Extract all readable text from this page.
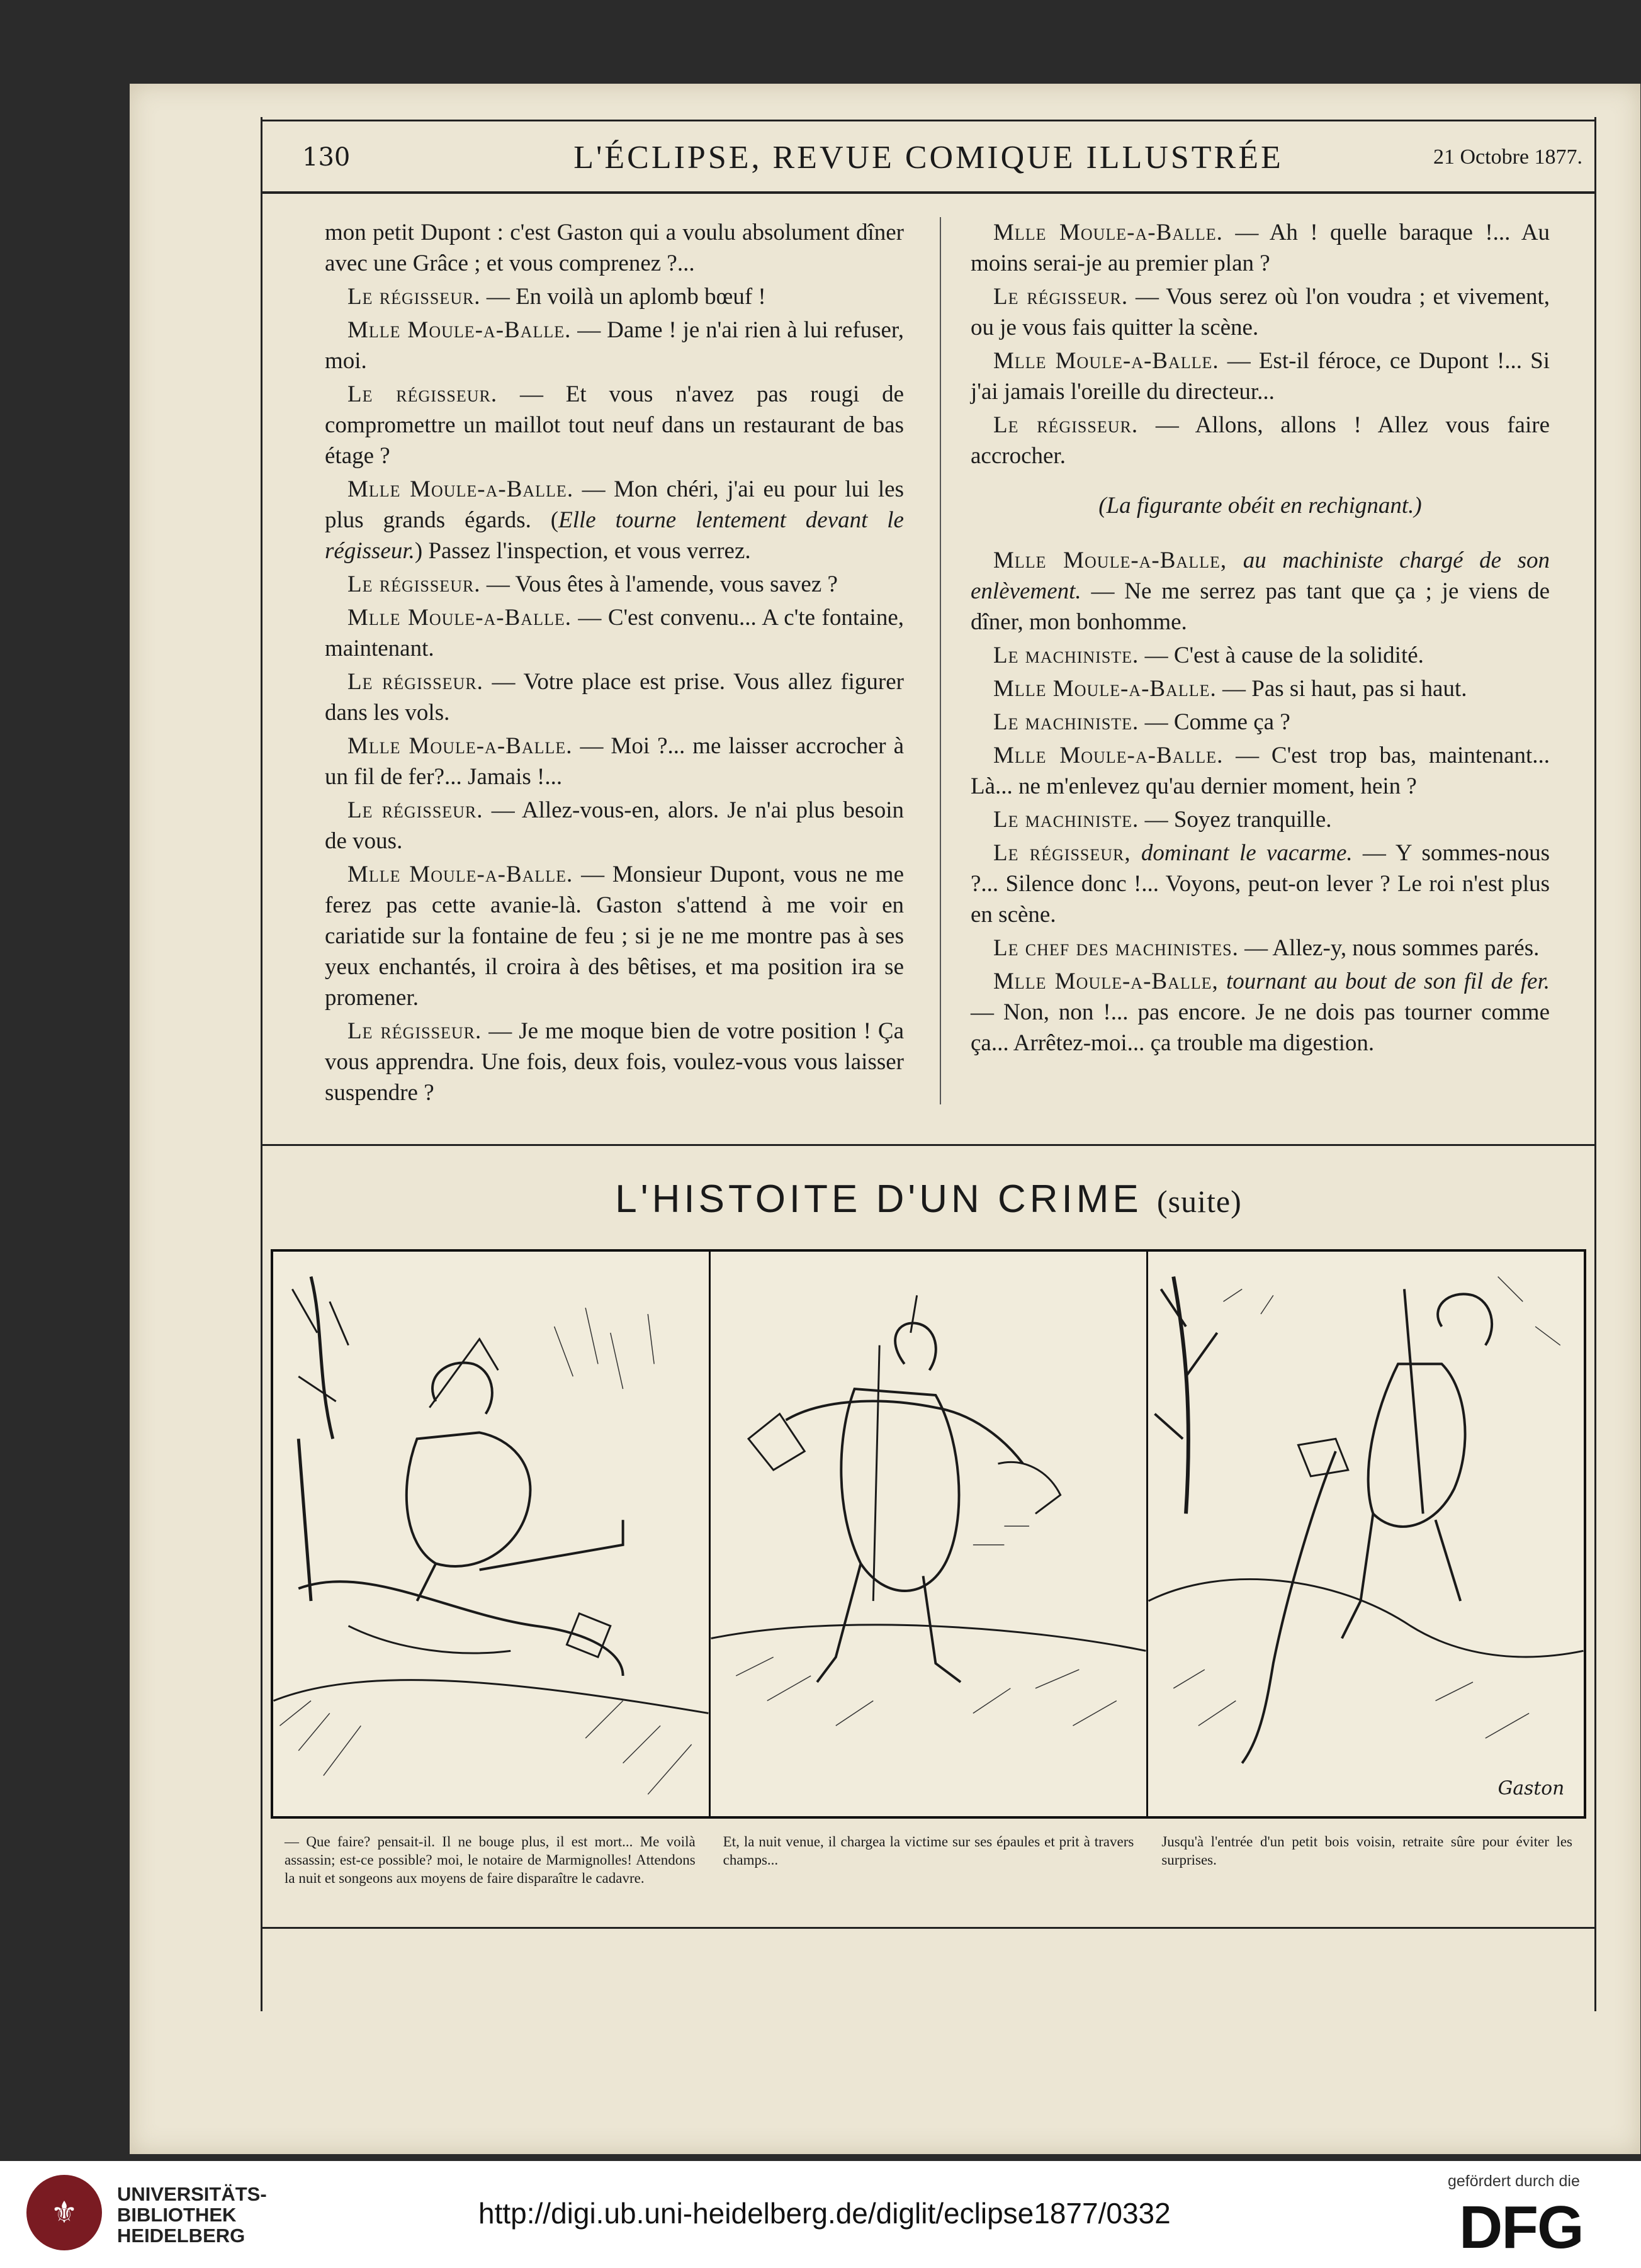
130	L'ÉCLIPSE, REVUE COMIQUE ILLUSTRÉE	21 Octobre 1877.

mon petit Dupont : c'est Gaston qui a voulu absolument dîner avec une Grâce ; et vous comprenez ?...

Le régisseur. — En voilà un aplomb bœuf !

Mlle Moule-a-Balle. — Dame ! je n'ai rien à lui refuser, moi.

Le régisseur. — Et vous n'avez pas rougi de compromettre un maillot tout neuf dans un restaurant de bas étage ?

Mlle Moule-a-Balle. — Mon chéri, j'ai eu pour lui les plus grands égards. (Elle tourne lentement devant le régisseur.) Passez l'inspection, et vous verrez.

Le régisseur. — Vous êtes à l'amende, vous savez ?

Mlle Moule-a-Balle. — C'est convenu... A c'te fontaine, maintenant.

Le régisseur. — Votre place est prise. Vous allez figurer dans les vols.

Mlle Moule-a-Balle. — Moi ?... me laisser accrocher à un fil de fer?... Jamais !...

Le régisseur. — Allez-vous-en, alors. Je n'ai plus besoin de vous.

Mlle Moule-a-Balle. — Monsieur Dupont, vous ne me ferez pas cette avanie-là. Gaston s'attend à me voir en cariatide sur la fontaine de feu ; si je ne me montre pas à ses yeux enchantés, il croira à des bêtises, et ma position ira se promener.

Le régisseur. — Je me moque bien de votre position ! Ça vous apprendra. Une fois, deux fois, voulez-vous vous laisser suspendre ?

Mlle Moule-a-Balle. — Ah ! quelle baraque !... Au moins serai-je au premier plan ?

Le régisseur. — Vous serez où l'on voudra ; et vivement, ou je vous fais quitter la scène.

Mlle Moule-a-Balle. — Est-il féroce, ce Dupont !... Si j'ai jamais l'oreille du directeur...

Le régisseur. — Allons, allons ! Allez vous faire accrocher.

(La figurante obéit en rechignant.)

Mlle Moule-a-Balle, au machiniste chargé de son enlèvement. — Ne me serrez pas tant que ça ; je viens de dîner, mon bonhomme.

Le machiniste. — C'est à cause de la solidité.

Mlle Moule-a-Balle. — Pas si haut, pas si haut.

Le machiniste. — Comme ça ?

Mlle Moule-a-Balle. — C'est trop bas, maintenant... Là... ne m'enlevez qu'au dernier moment, hein ?

Le machiniste. — Soyez tranquille.

Le régisseur, dominant le vacarme. — Y sommes-nous ?... Silence donc !... Voyons, peut-on lever ? Le roi n'est plus en scène.

Le chef des machinistes. — Allez-y, nous sommes parés.

Mlle Moule-a-Balle, tournant au bout de son fil de fer. — Non, non !... pas encore. Je ne dois pas tourner comme ça... Arrêtez-moi... ça trouble ma digestion.

L'HISTOITE D'UN CRIME (suite)
Gaston
— Que faire? pensait-il. Il ne bouge plus, il est mort... Me voilà assassin; est-ce possible? moi, le notaire de Marmignolles! Attendons la nuit et songeons aux moyens de faire disparaître le cadavre.
Et, la nuit venue, il chargea la victime sur ses épaules et prit à travers champs...
Jusqu'à l'entrée d'un petit bois voisin, retraite sûre pour éviter les surprises.
⚜
UNIVERSITÄTS-
BIBLIOTHEK
HEIDELBERG
http://digi.ub.uni-heidelberg.de/diglit/eclipse1877/0332
gefördert durch die
DFG
